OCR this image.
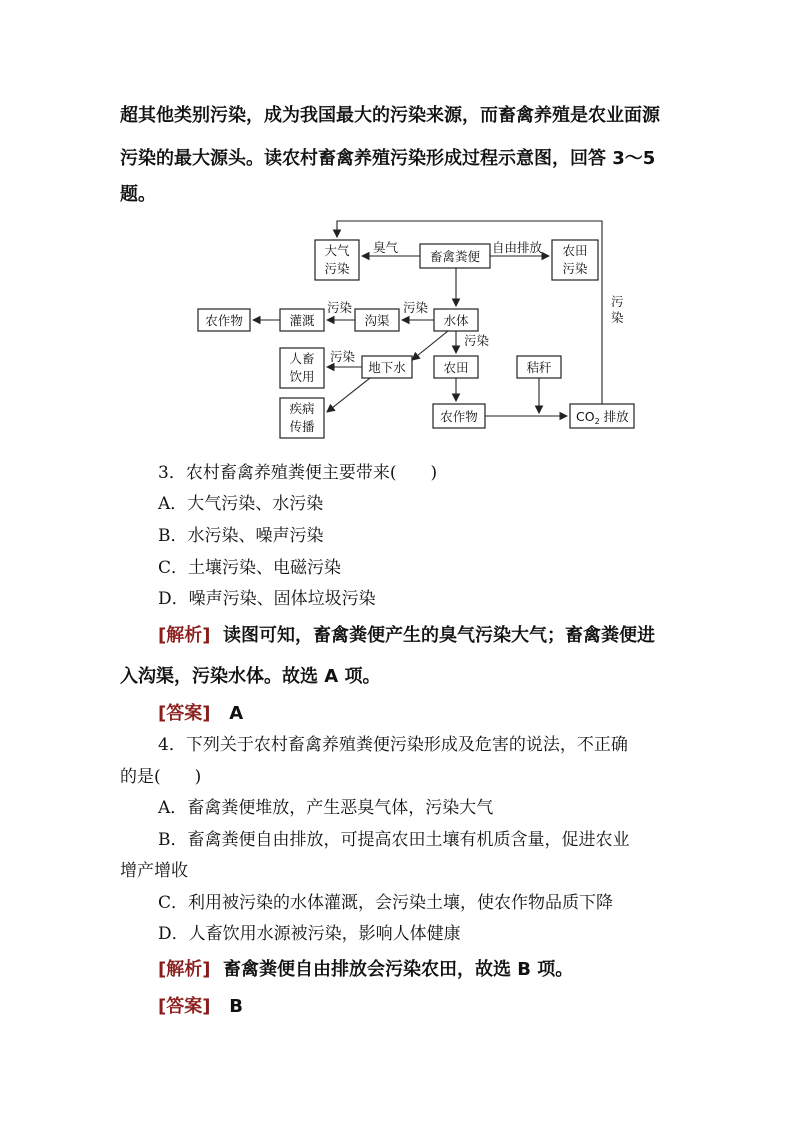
超其他类别污染，成为我国最大的污染来源，而畜禽养殖是农业面源
污染的最大源头。读农村畜禽养殖污染形成过程示意图，回答 3～5
题。
大气
污染
畜禽粪便	农田
污染
农作物	灌溉	沟渠	水体
人畜
饮用
地下水	农田	秸秆
疾病
传播
农作物	$CO_2$ 排放
臭气	自由排放
污
染
污染	污染
污染
污染
3．农村畜禽养殖粪便主要带来(　　)
A．大气污染、水污染
B．水污染、噪声污染
C．土壤污染、电磁污染
D．噪声污染、固体垃圾污染
[解析] 读图可知，畜禽粪便产生的臭气污染大气；畜禽粪便进
入沟渠，污染水体。故选 A 项。
[答案] A
4．下列关于农村畜禽养殖粪便污染形成及危害的说法，不正确
的是(　　)
A．畜禽粪便堆放，产生恶臭气体，污染大气
B．畜禽粪便自由排放，可提高农田土壤有机质含量，促进农业
增产增收
C．利用被污染的水体灌溉，会污染土壤，使农作物品质下降
D．人畜饮用水源被污染，影响人体健康
[解析] 畜禽粪便自由排放会污染农田，故选 B 项。
[答案] B
